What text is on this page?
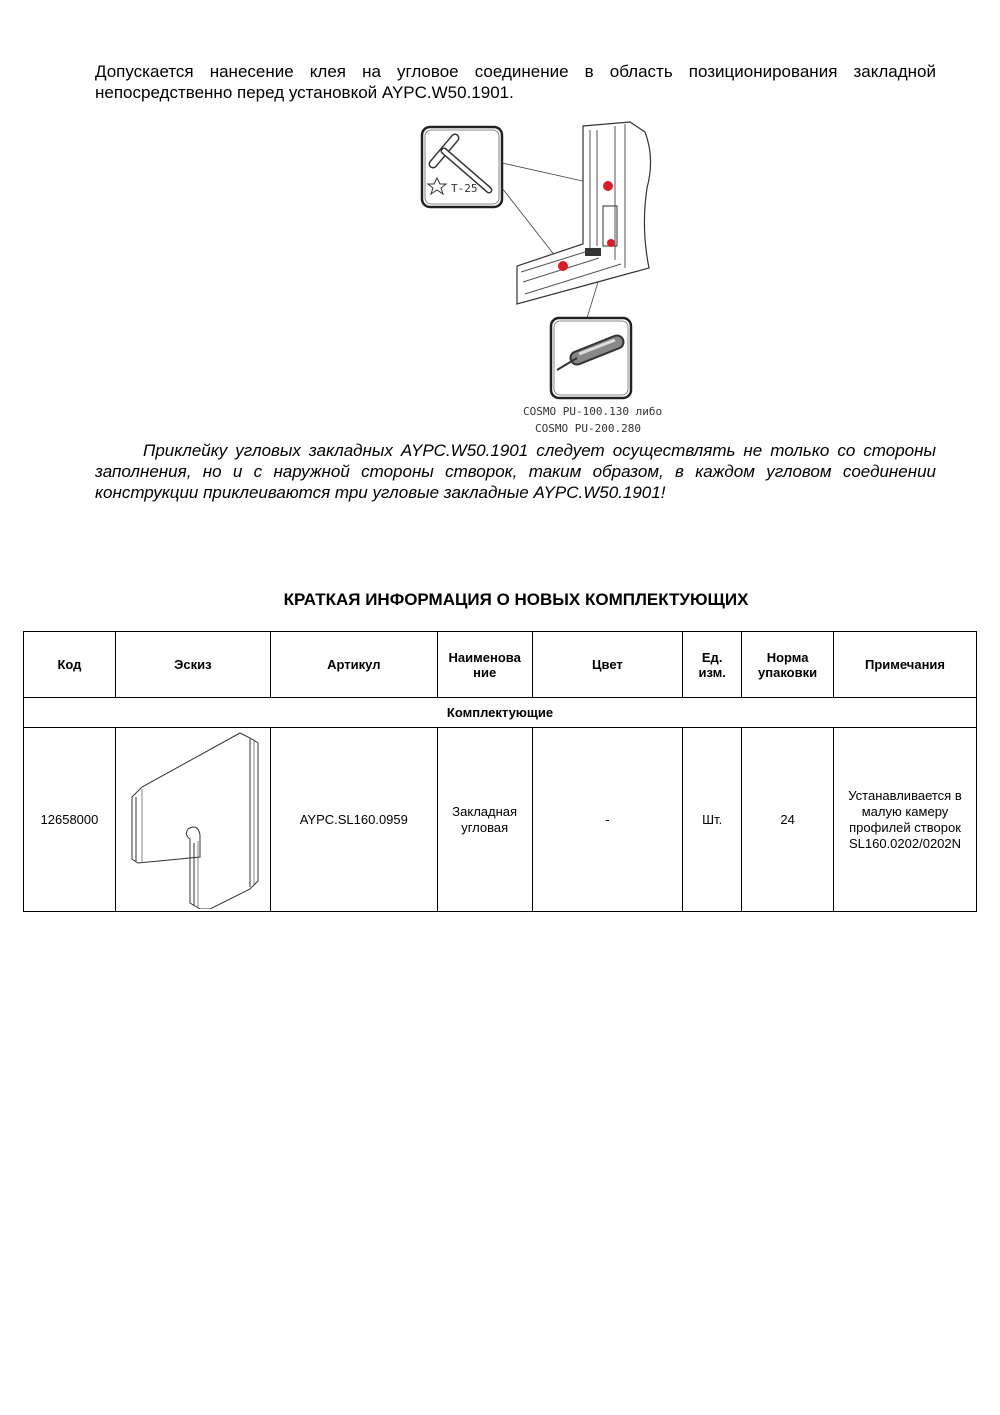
Допускается нанесение клея на угловое соединение в область позиционирования закладной непосредственно перед установкой AYPC.W50.1901.

T-25
COSMO PU-100.130 либо
COSMO PU-200.280

Приклейку угловых закладных AYPC.W50.1901 следует осуществлять не только со стороны заполнения, но и с наружной стороны створок, таким образом, в каждом угловом соединении конструкции приклеиваются три угловые закладные AYPC.W50.1901!

КРАТКАЯ ИНФОРМАЦИЯ О НОВЫХ КОМПЛЕКТУЮЩИХ
Код	Эскиз	Артикул	Наименова ние	Цвет	Ед. изм.	Норма упаковки	Примечания
Комплектующие							
12658000		AYPC.SL160.0959	Закладная угловая	-	Шт.	24	Устанавливается в малую камеру профилей створок SL160.0202/0202N
